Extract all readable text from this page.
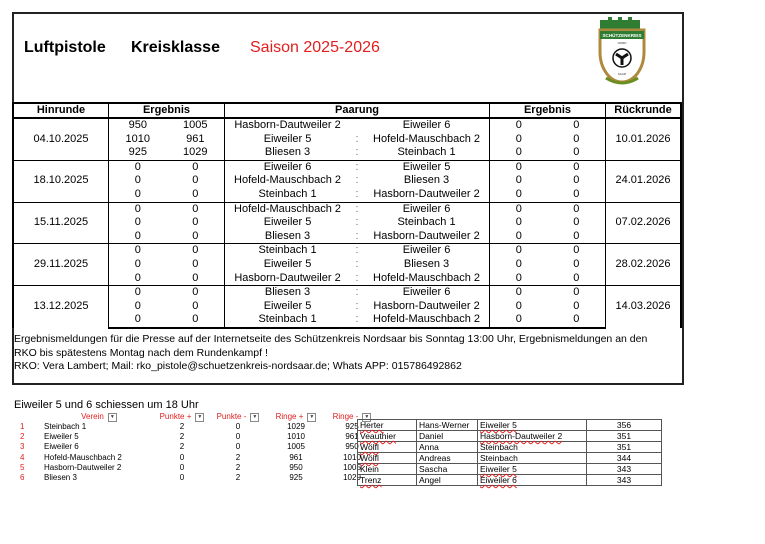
Luftpistole Kreisklasse Saison 2025-2026
SCHÜTZENKREIS
NORD
SAAR
Hinrunde	Ergebnis		Paarung			Ergebnis		Rückrunde
04.10.2025	950	1005	Hasborn-Dautweiler 2		Eiweiler 6	0	0	10.01.2026
	1010	961	Eiweiler 5	:	Hofeld-Mauschbach 2	0	0	
	925	1029	Bliesen 3	:	Steinbach 1	0	0	
18.10.2025	0	0	Eiweiler 6	:	Eiweiler 5	0	0	24.01.2026
	0	0	Hofeld-Mauschbach 2	:	Bliesen 3	0	0	
	0	0	Steinbach 1	:	Hasborn-Dautweiler 2	0	0	
15.11.2025	0	0	Hofeld-Mauschbach 2	:	Eiweiler 6	0	0	07.02.2026
	0	0	Eiweiler 5	:	Steinbach 1	0	0	
	0	0	Bliesen 3	:	Hasborn-Dautweiler 2	0	0	
29.11.2025	0	0	Steinbach 1	:	Eiweiler 6	0	0	28.02.2026
	0	0	Eiweiler 5	:	Bliesen 3	0	0	
	0	0	Hasborn-Dautweiler 2	:	Hofeld-Mauschbach 2	0	0	
13.12.2025	0	0	Bliesen 3	:	Eiweiler 6	0	0	14.03.2026
	0	0	Eiweiler 5	:	Hasborn-Dautweiler 2	0	0	
	0	0	Steinbach 1	:	Hofeld-Mauschbach 2	0	0	
Ergebnismeldungen für die Presse auf der Internetseite des Schützenkreis Nordsaar bis Sonntag 13:00 Uhr, Ergebnismeldungen an den
RKO bis spätestens Montag nach dem Rundenkampf !
RKO: Vera Lambert; Mail: rko_pistole@schuetzenkreis-nordsaar.de; Whats APP: 015786492862
Eiweiler 5 und 6 schiessen um 18 Uhr
	Verein ▼	Punkte + ▼	Punkte - ▼	Ringe + ▼	Ringe - ▼
1	Steinbach 1	2	0	1029	925
2	Eiweiler 5	2	0	1010	961
3	Eiweiler 6	2	0	1005	950
4	Hofeld-Mauschbach 2	0	2	961	1010
5	Hasborn-Dautweiler 2	0	2	950	1005
6	Bliesen 3	0	2	925	1029
Herter	Hans-Werner	Eiweiler 5	356
Veauthier	Daniel	Hasborn-Dautweiler 2	351
Wölfl	Anna	Steinbach	351
Wölfl	Andreas	Steinbach	344
Klein	Sascha	Eiweiler 5	343
Trenz	Angel	Eiweiler 6	343
